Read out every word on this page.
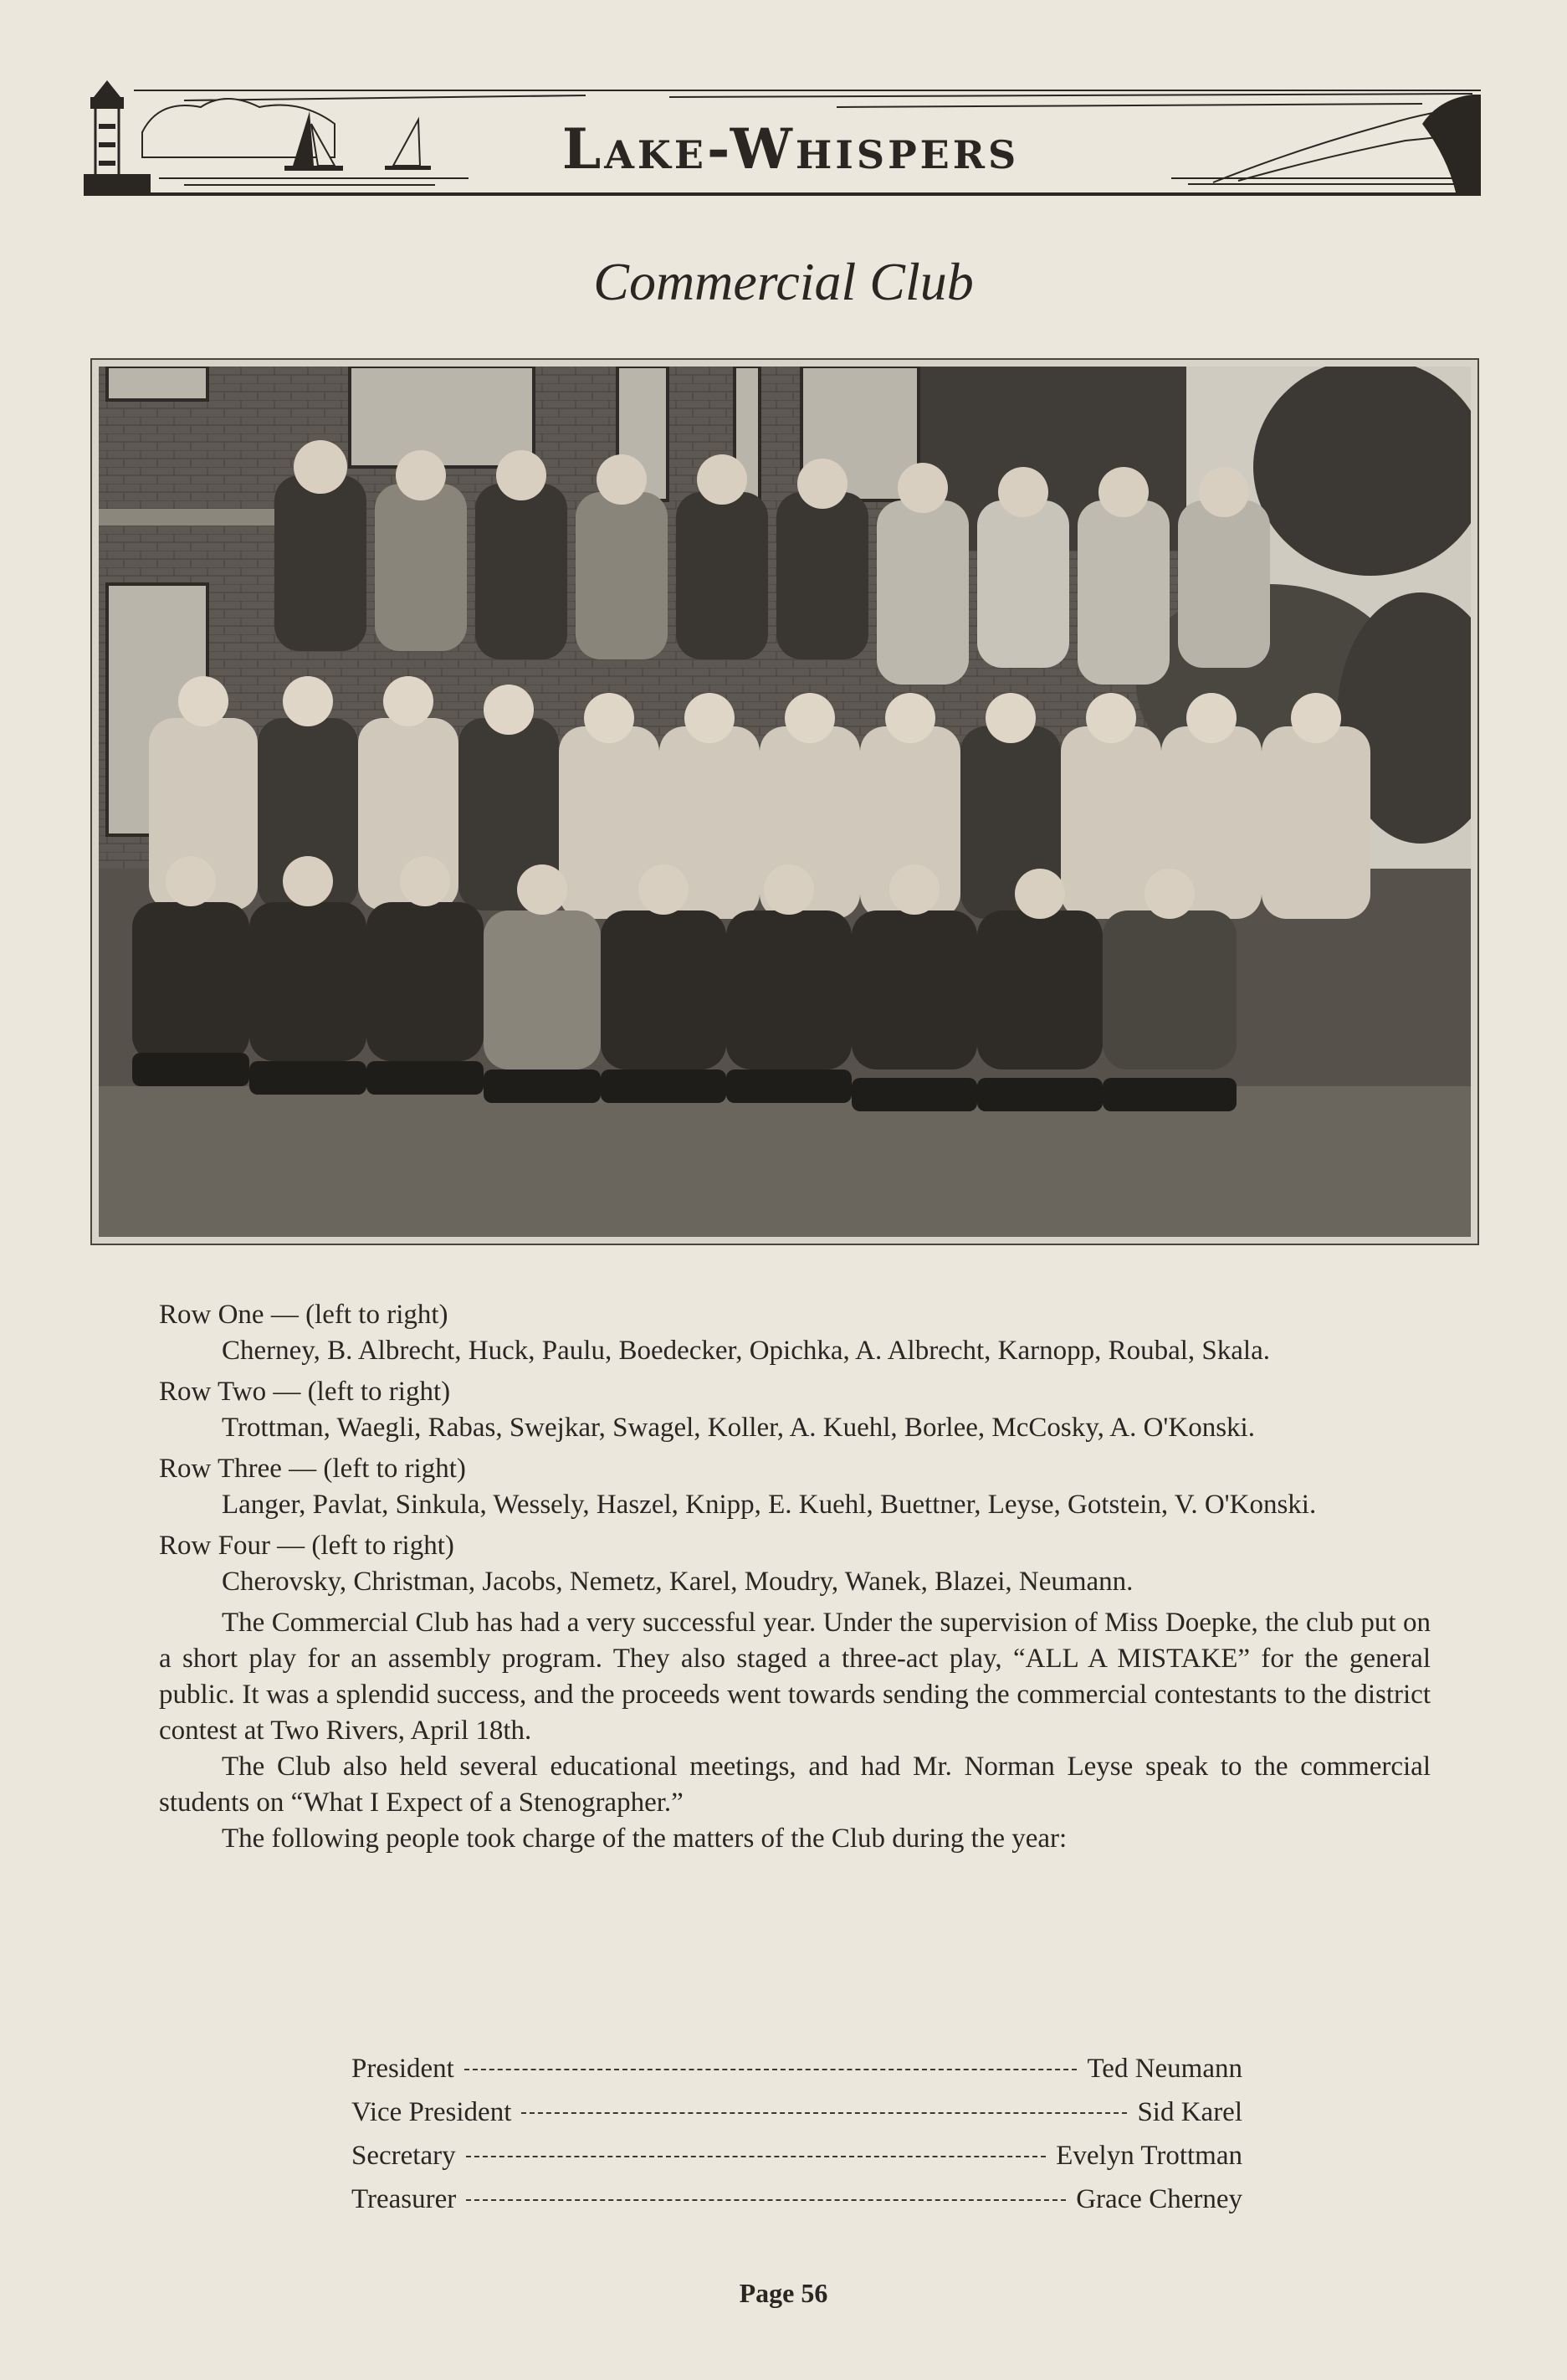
Lake-Whispers
Commercial Club

Row One — (left to right)

Cherney, B. Albrecht, Huck, Paulu, Boedecker, Opichka, A. Albrecht, Karnopp, Roubal, Skala.

Row Two — (left to right)

Trottman, Waegli, Rabas, Swejkar, Swagel, Koller, A. Kuehl, Borlee, McCosky, A. O'Konski.

Row Three — (left to right)

Langer, Pavlat, Sinkula, Wessely, Haszel, Knipp, E. Kuehl, Buettner, Leyse, Gotstein, V. O'Konski.

Row Four — (left to right)

Cherovsky, Christman, Jacobs, Nemetz, Karel, Moudry, Wanek, Blazei, Neumann.

The Commercial Club has had a very successful year. Under the supervision of Miss Doepke, the club put on a short play for an assembly program. They also staged a three-act play, “ALL A MISTAKE” for the general public. It was a splendid success, and the proceeds went towards sending the commercial contestants to the district contest at Two Rivers, April 18th.

The Club also held several educational meetings, and had Mr. Norman Leyse speak to the commercial students on “What I Expect of a Stenographer.”

The following people took charge of the matters of the Club during the year:

President	Ted Neumann
Vice President	Sid Karel
Secretary	Evelyn Trottman
Treasurer	Grace Cherney
Page 56
